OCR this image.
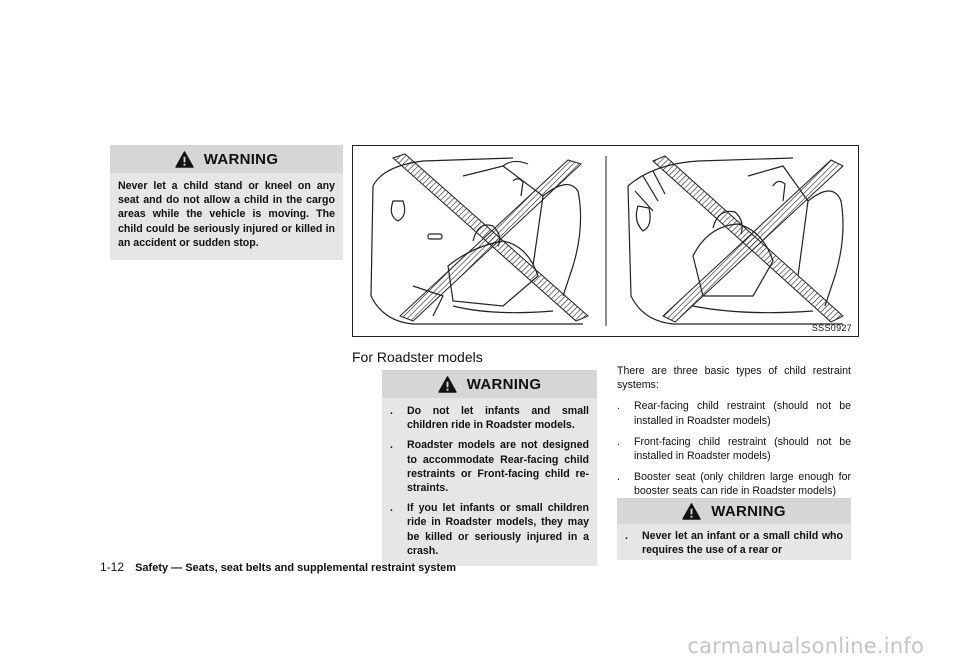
WARNING
Never let a child stand or kneel on any seat and do not allow a child in the cargo areas while the vehicle is moving. The child could be seriously injured or killed in an accident or sudden stop.
SSS0927
For Roadster models
WARNING
. Do not let infants and small children ride in Roadster models.
. Roadster models are not designed to accommodate Rear-facing child restraints or Front-facing child re-straints.
. If you let infants or small children ride in Roadster models, they may be killed or seriously injured in a crash.
There are three basic types of child restraint systems:
. Rear-facing child restraint (should not be installed in Roadster models)
. Front-facing child restraint (should not be installed in Roadster models)
. Booster seat (only children large enough for booster seats can ride in Roadster models)
WARNING
. Never let an infant or a small child who requires the use of a rear or
1-12 Safety — Seats, seat belts and supplemental restraint system
carmanualsonline.info
